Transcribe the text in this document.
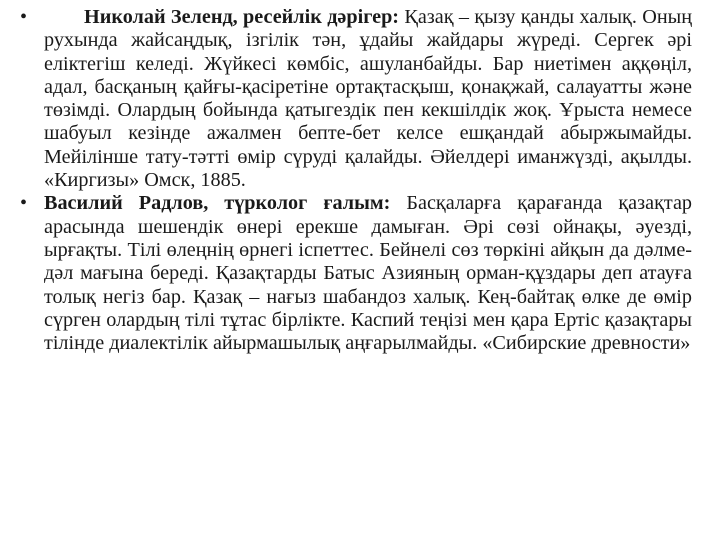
•	Николай Зеленд, ресейлік дәрігер: Қазақ – қызу қанды халық. Оның рухында жайсаңдық, ізгілік тән, ұдайы жайдары жүреді. Сергек әрі еліктегіш келеді. Жүйкесі көмбіс, ашуланбайды. Бар ниетімен аққөңіл, адал, басқаның қайғы-қасіретіне ортақтасқыш, қонақжай, салауатты және төзімді. Олардың бойында қатыгездік пен кекшілдік жоқ. Ұрыста немесе шабуыл кезінде ажалмен бепте-бет келсе ешқандай абыржымайды. Мейілінше тату-тәтті өмір сүруді қалайды. Әйелдері иманжүзді, ақылды. «Киргизы» Омск, 1885.
• Василий Радлов, түрколог ғалым: Басқаларға қарағанда қазақтар арасында шешендік өнері ерекше дамыған. Әрі сөзі ойнақы, әуезді, ырғақты. Тілі өлеңнің өрнегі іспеттес. Бейнелі сөз төркіні айқын да дәлме-дәл мағына береді. Қазақтарды Батыс Азияның орман-құздары деп атауға толық негіз бар. Қазақ – нағыз шабандоз халық. Кең-байтақ өлке де өмір сүрген олардың тілі тұтас бірлікте. Каспий теңізі мен қара Ертіс қазақтары тілінде диалектілік айырмашылық аңғарылмайды. «Сибирские древности»
